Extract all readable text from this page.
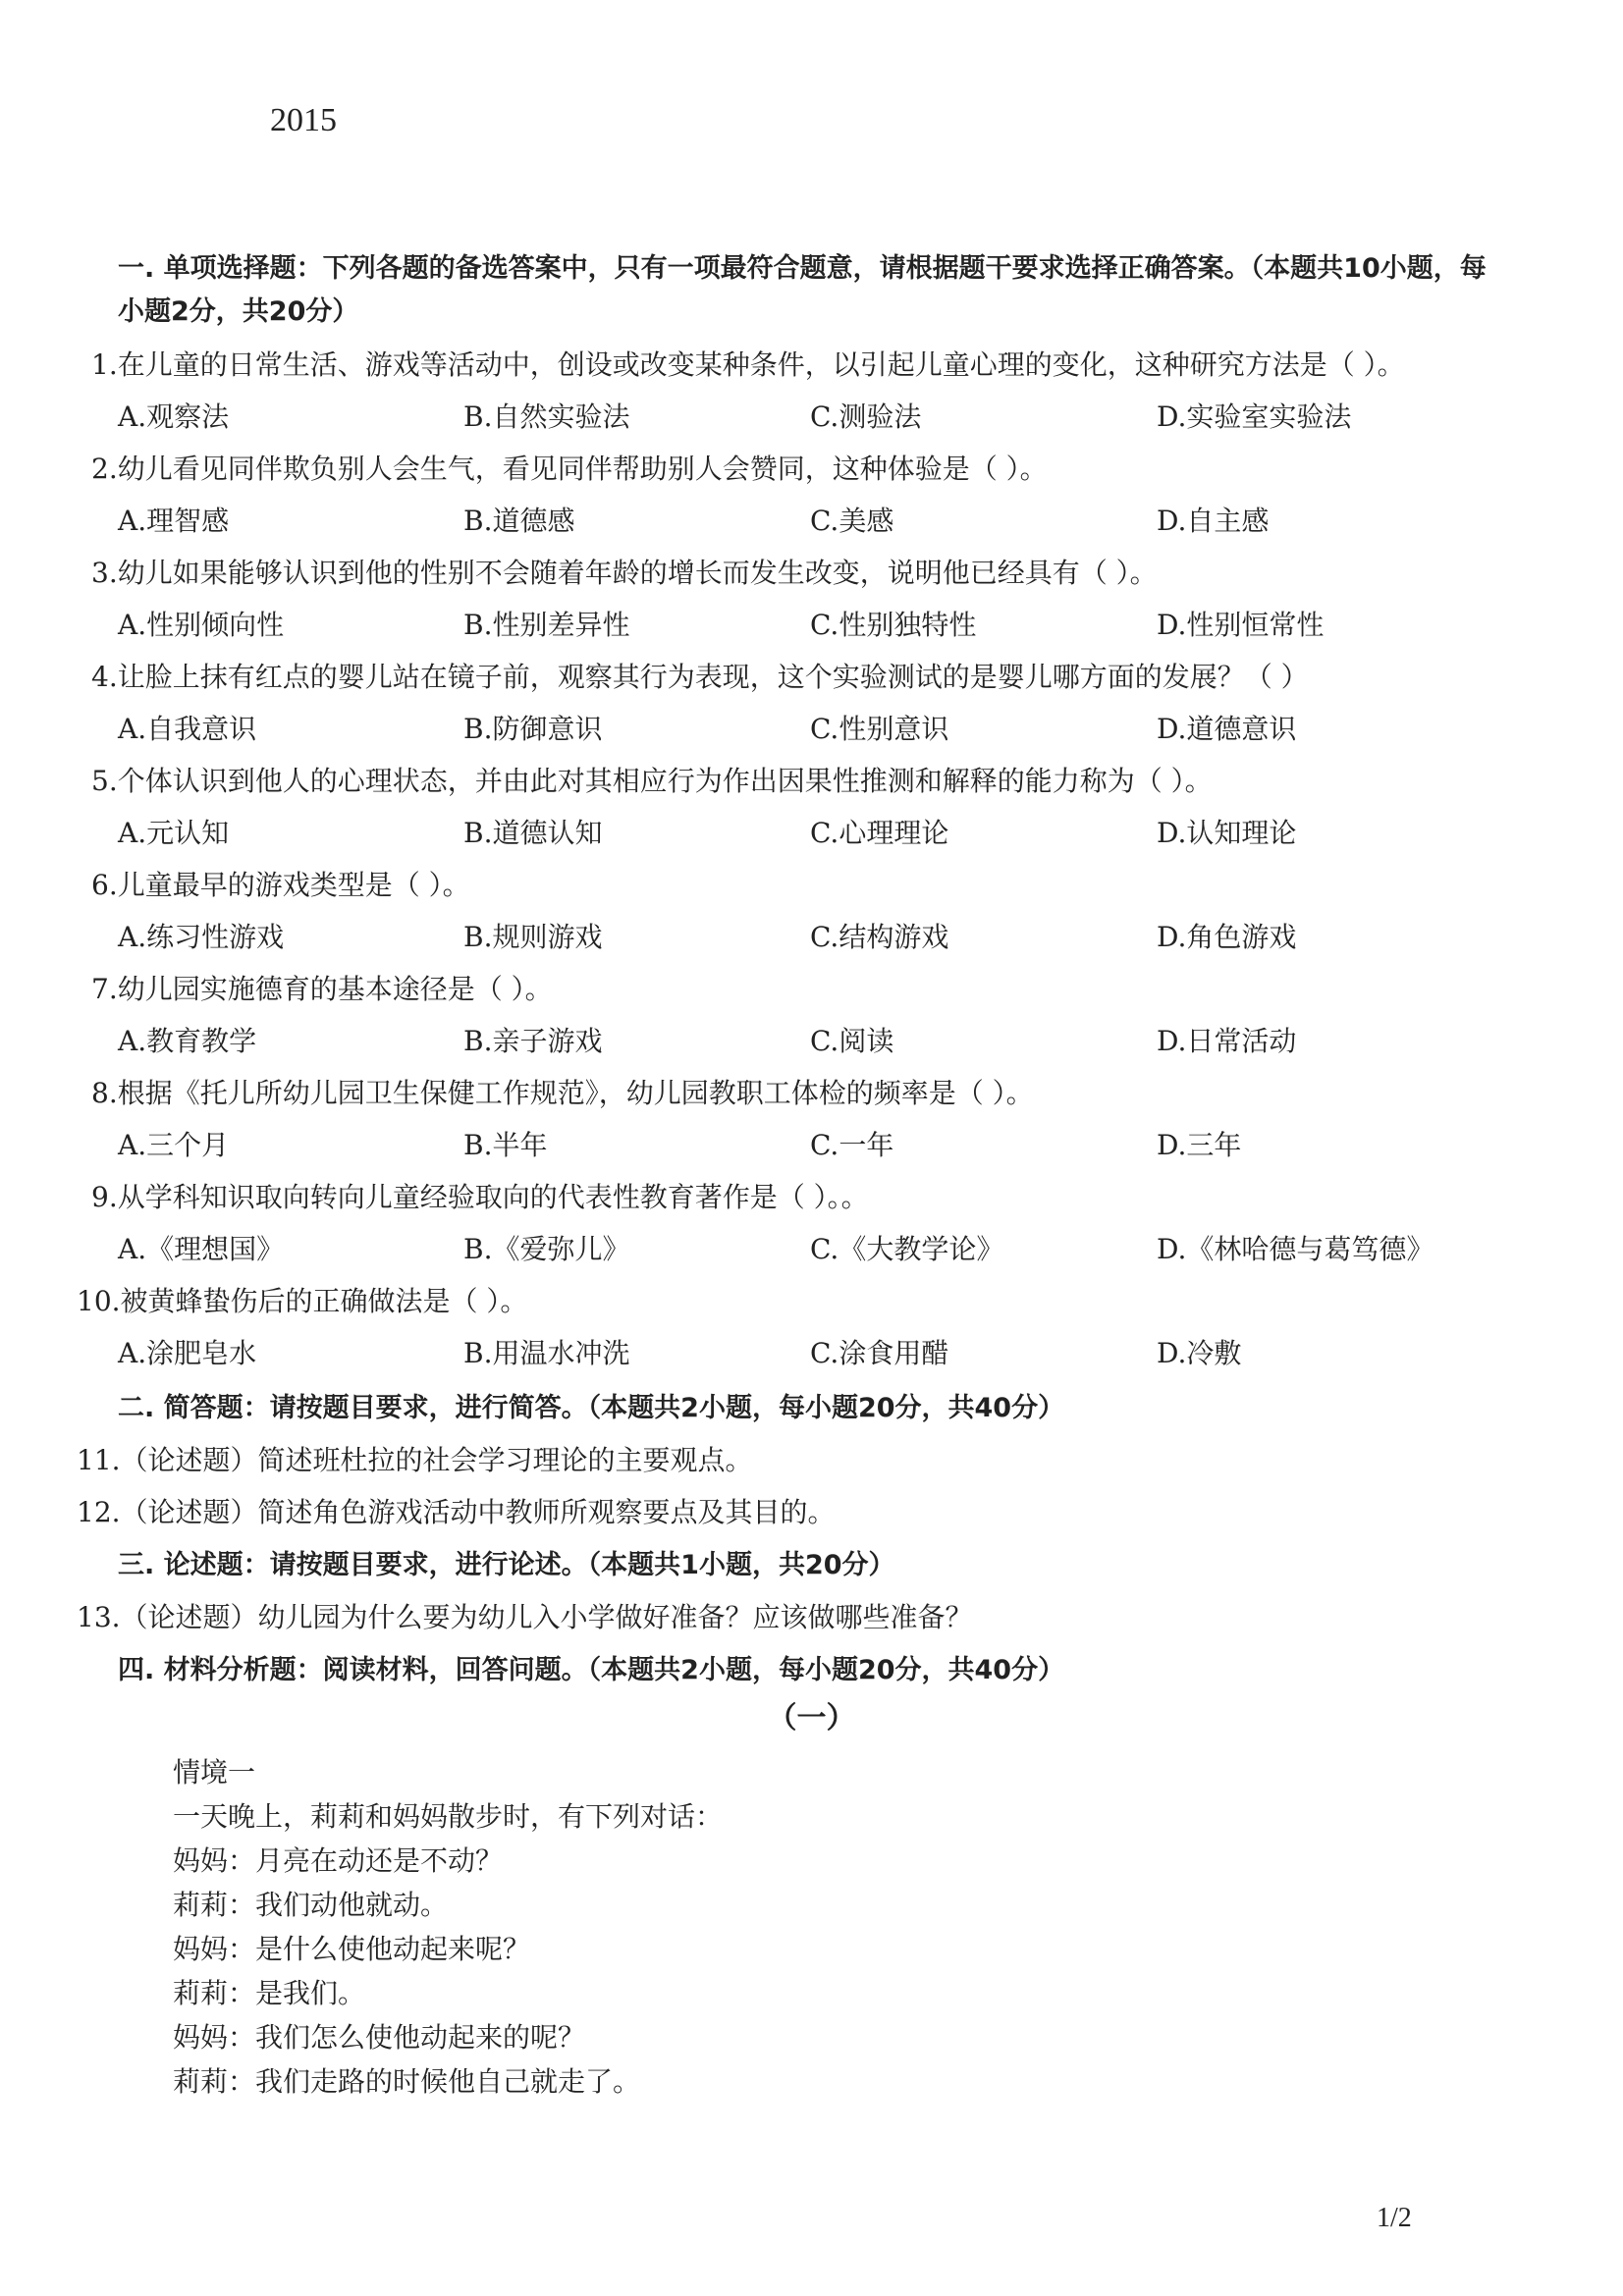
2015
一. 单项选择题：下列各题的备选答案中，只有一项最符合题意，请根据题干要求选择正确答案。（本题共10小题，每小题2分，共20分）
1.在儿童的日常生活、游戏等活动中，创设或改变某种条件，以引起儿童心理的变化，这种研究方法是（ ）。
A.观察法	B.自然实验法	C.测验法	D.实验室实验法
2.幼儿看见同伴欺负别人会生气，看见同伴帮助别人会赞同，这种体验是（ ）。
A.理智感	B.道德感	C.美感	D.自主感
3.幼儿如果能够认识到他的性别不会随着年龄的增长而发生改变，说明他已经具有（ ）。
A.性别倾向性	B.性别差异性	C.性别独特性	D.性别恒常性
4.让脸上抹有红点的婴儿站在镜子前，观察其行为表现，这个实验测试的是婴儿哪方面的发展？（ ）
A.自我意识	B.防御意识	C.性别意识	D.道德意识
5.个体认识到他人的心理状态，并由此对其相应行为作出因果性推测和解释的能力称为（ ）。
A.元认知	B.道德认知	C.心理理论	D.认知理论
6.儿童最早的游戏类型是（ ）。
A.练习性游戏	B.规则游戏	C.结构游戏	D.角色游戏
7.幼儿园实施德育的基本途径是（ ）。
A.教育教学	B.亲子游戏	C.阅读	D.日常活动
8.根据《托儿所幼儿园卫生保健工作规范》，幼儿园教职工体检的频率是（ ）。
A.三个月	B.半年	C.一年	D.三年
9.从学科知识取向转向儿童经验取向的代表性教育著作是（ ）。。
A.《理想国》	B.《爱弥儿》	C.《大教学论》	D.《林哈德与葛笃德》
10.被黄蜂蛰伤后的正确做法是（ ）。
A.涂肥皂水	B.用温水冲洗	C.涂食用醋	D.冷敷
二. 简答题：请按题目要求，进行简答。（本题共2小题，每小题20分，共40分）
11.（论述题）简述班杜拉的社会学习理论的主要观点。
12.（论述题）简述角色游戏活动中教师所观察要点及其目的。
三. 论述题：请按题目要求，进行论述。（本题共1小题，共20分）
13.（论述题）幼儿园为什么要为幼儿入小学做好准备？应该做哪些准备？
四. 材料分析题：阅读材料，回答问题。（本题共2小题，每小题20分，共40分）
（一）
情境一
一天晚上，莉莉和妈妈散步时，有下列对话：
妈妈：月亮在动还是不动？
莉莉：我们动他就动。
妈妈：是什么使他动起来呢？
莉莉：是我们。
妈妈：我们怎么使他动起来的呢？
莉莉：我们走路的时候他自己就走了。
1/2
